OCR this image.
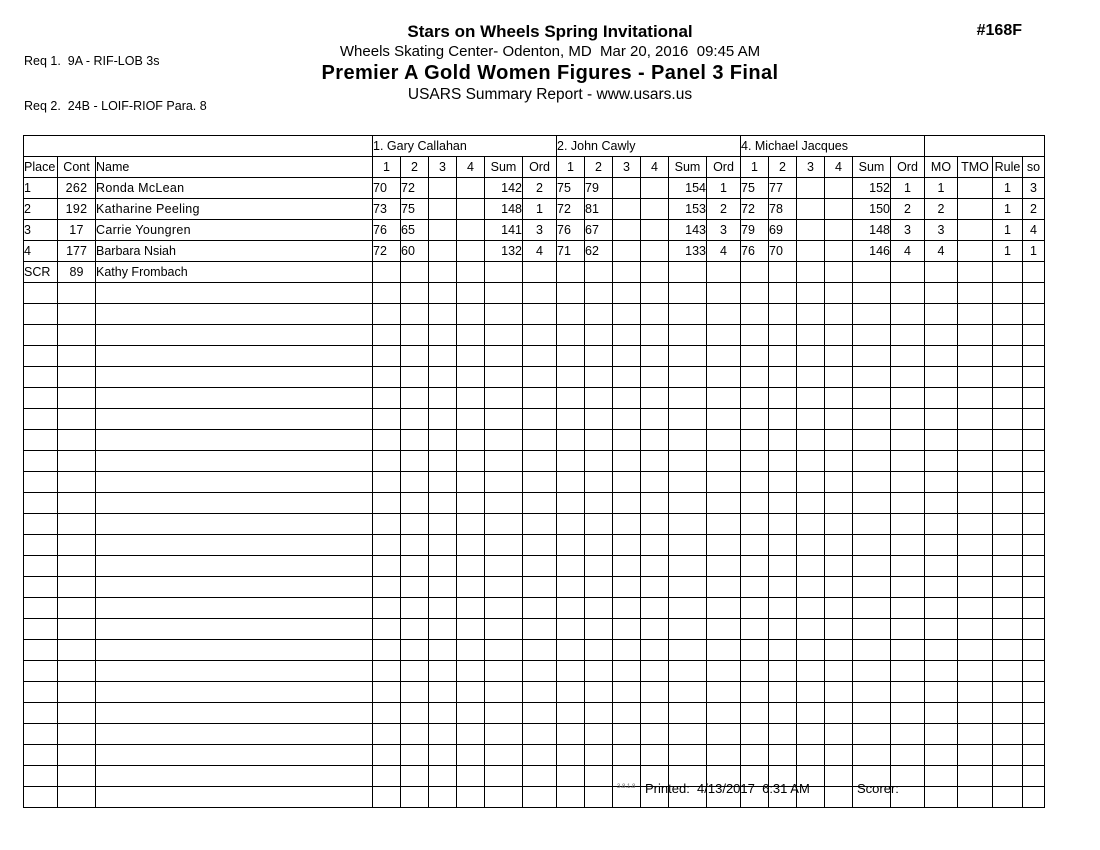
Req 1.  9A - RIF-LOB 3s

Req 2.  24B - LOIF-RIOF Para. 8

#168F
Stars on Wheels Spring Invitational
Wheels Skating Center- Odenton, MD  Mar 20, 2016  09:45 AM
Premier A Gold Women Figures - Panel 3 Final
USARS Summary Report - www.usars.us
			1. Gary Callahan						2. John Cawly						4. Michael Jacques									
Place	Cont	Name	1	2	3	4	Sum	Ord	1	2	3	4	Sum	Ord	1	2	3	4	Sum	Ord	MO	TMO	Rule	so
1	262	Ronda McLean	70	72			142	2	75	79			154	1	75	77			152	1	1		1	3
2	192	Katharine Peeling	73	75			148	1	72	81			153	2	72	78			150	2	2		1	2
3	17	Carrie Youngren	76	65			141	3	76	67			143	3	79	69			148	3	3		1	4
4	177	Barbara Nsiah	72	60			132	4	71	62			133	4	76	70			146	4	4		1	1
SCR	89	Kathy Frombach																						

3.8.1.8 Printed:  4/13/2017  6:31 AM	Scorer:
